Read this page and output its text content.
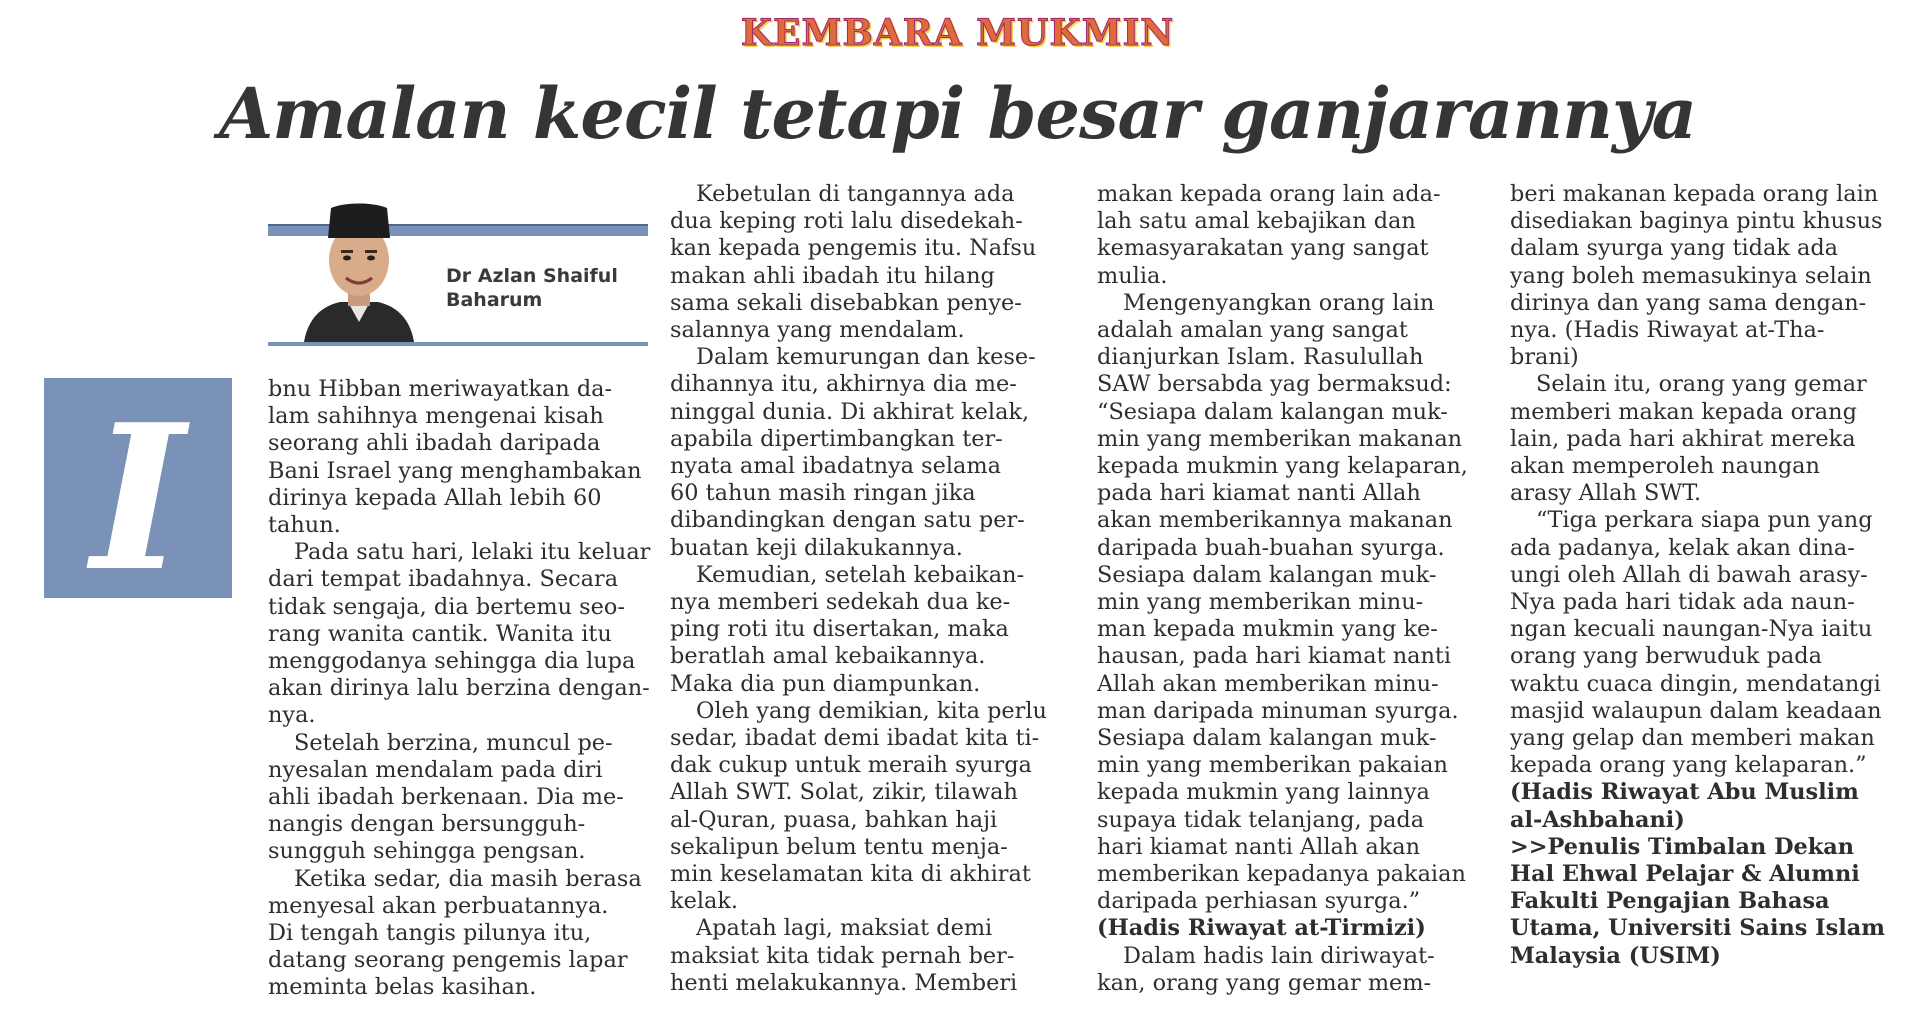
KEMBARA MUKMIN
Amalan kecil tetapi besar ganjarannya
Dr Azlan Shaiful Baharum
I	bnu Hibban meriwayatkan da-
lam sahihnya mengenai kisah
seorang ahli ibadah daripada
Bani Israel yang menghambakan
dirinya kepada Allah lebih 60
tahun.

Pada satu hari, lelaki itu keluar
dari tempat ibadahnya. Secara
tidak sengaja, dia bertemu seo-
rang wanita cantik. Wanita itu
menggodanya sehingga dia lupa
akan dirinya lalu berzina dengan-
nya.

Setelah berzina, muncul pe-
nyesalan mendalam pada diri
ahli ibadah berkenaan. Dia me-
nangis dengan bersungguh-
sungguh sehingga pengsan.

Ketika sedar, dia masih berasa
menyesal akan perbuatannya.
Di tengah tangis pilunya itu,
datang seorang pengemis lapar
meminta belas kasihan.

Kebetulan di tangannya ada
dua keping roti lalu disedekah-
kan kepada pengemis itu. Nafsu
makan ahli ibadah itu hilang
sama sekali disebabkan penye-
salannya yang mendalam.

Dalam kemurungan dan kese-
dihannya itu, akhirnya dia me-
ninggal dunia. Di akhirat kelak,
apabila dipertimbangkan ter-
nyata amal ibadatnya selama
60 tahun masih ringan jika
dibandingkan dengan satu per-
buatan keji dilakukannya.

Kemudian, setelah kebaikan-
nya memberi sedekah dua ke-
ping roti itu disertakan, maka
beratlah amal kebaikannya.
Maka dia pun diampunkan.

Oleh yang demikian, kita perlu
sedar, ibadat demi ibadat kita ti-
dak cukup untuk meraih syurga
Allah SWT. Solat, zikir, tilawah
al-Quran, puasa, bahkan haji
sekalipun belum tentu menja-
min keselamatan kita di akhirat
kelak.

Apatah lagi, maksiat demi
maksiat kita tidak pernah ber-
henti melakukannya. Memberi

makan kepada orang lain ada-
lah satu amal kebajikan dan
kemasyarakatan yang sangat
mulia.

Mengenyangkan orang lain
adalah amalan yang sangat
dianjurkan Islam. Rasulullah
SAW bersabda yag bermaksud:
“Sesiapa dalam kalangan muk-
min yang memberikan makanan
kepada mukmin yang kelaparan,
pada hari kiamat nanti Allah
akan memberikannya makanan
daripada buah-buahan syurga.
Sesiapa dalam kalangan muk-
min yang memberikan minu-
man kepada mukmin yang ke-
hausan, pada hari kiamat nanti
Allah akan memberikan minu-
man daripada minuman syurga.
Sesiapa dalam kalangan muk-
min yang memberikan pakaian
kepada mukmin yang lainnya
supaya tidak telanjang, pada
hari kiamat nanti Allah akan
memberikan kepadanya pakaian
daripada perhiasan syurga.”

(Hadis Riwayat at-Tirmizi)

Dalam hadis lain diriwayat-
kan, orang yang gemar mem-

beri makanan kepada orang lain
disediakan baginya pintu khusus
dalam syurga yang tidak ada
yang boleh memasukinya selain
dirinya dan yang sama dengan-
nya. (Hadis Riwayat at-Tha-
brani)

Selain itu, orang yang gemar
memberi makan kepada orang
lain, pada hari akhirat mereka
akan memperoleh naungan
arasy Allah SWT.

“Tiga perkara siapa pun yang
ada padanya, kelak akan dina-
ungi oleh Allah di bawah arasy-
Nya pada hari tidak ada naun-
ngan kecuali naungan-Nya iaitu
orang yang berwuduk pada
waktu cuaca dingin, mendatangi
masjid walaupun dalam keadaan
yang gelap dan memberi makan
kepada orang yang kelaparan.”

(Hadis Riwayat Abu Muslim
al-Ashbahani)

>>Penulis Timbalan Dekan
Hal Ehwal Pelajar & Alumni
Fakulti Pengajian Bahasa
Utama, Universiti Sains Islam
Malaysia (USIM)
